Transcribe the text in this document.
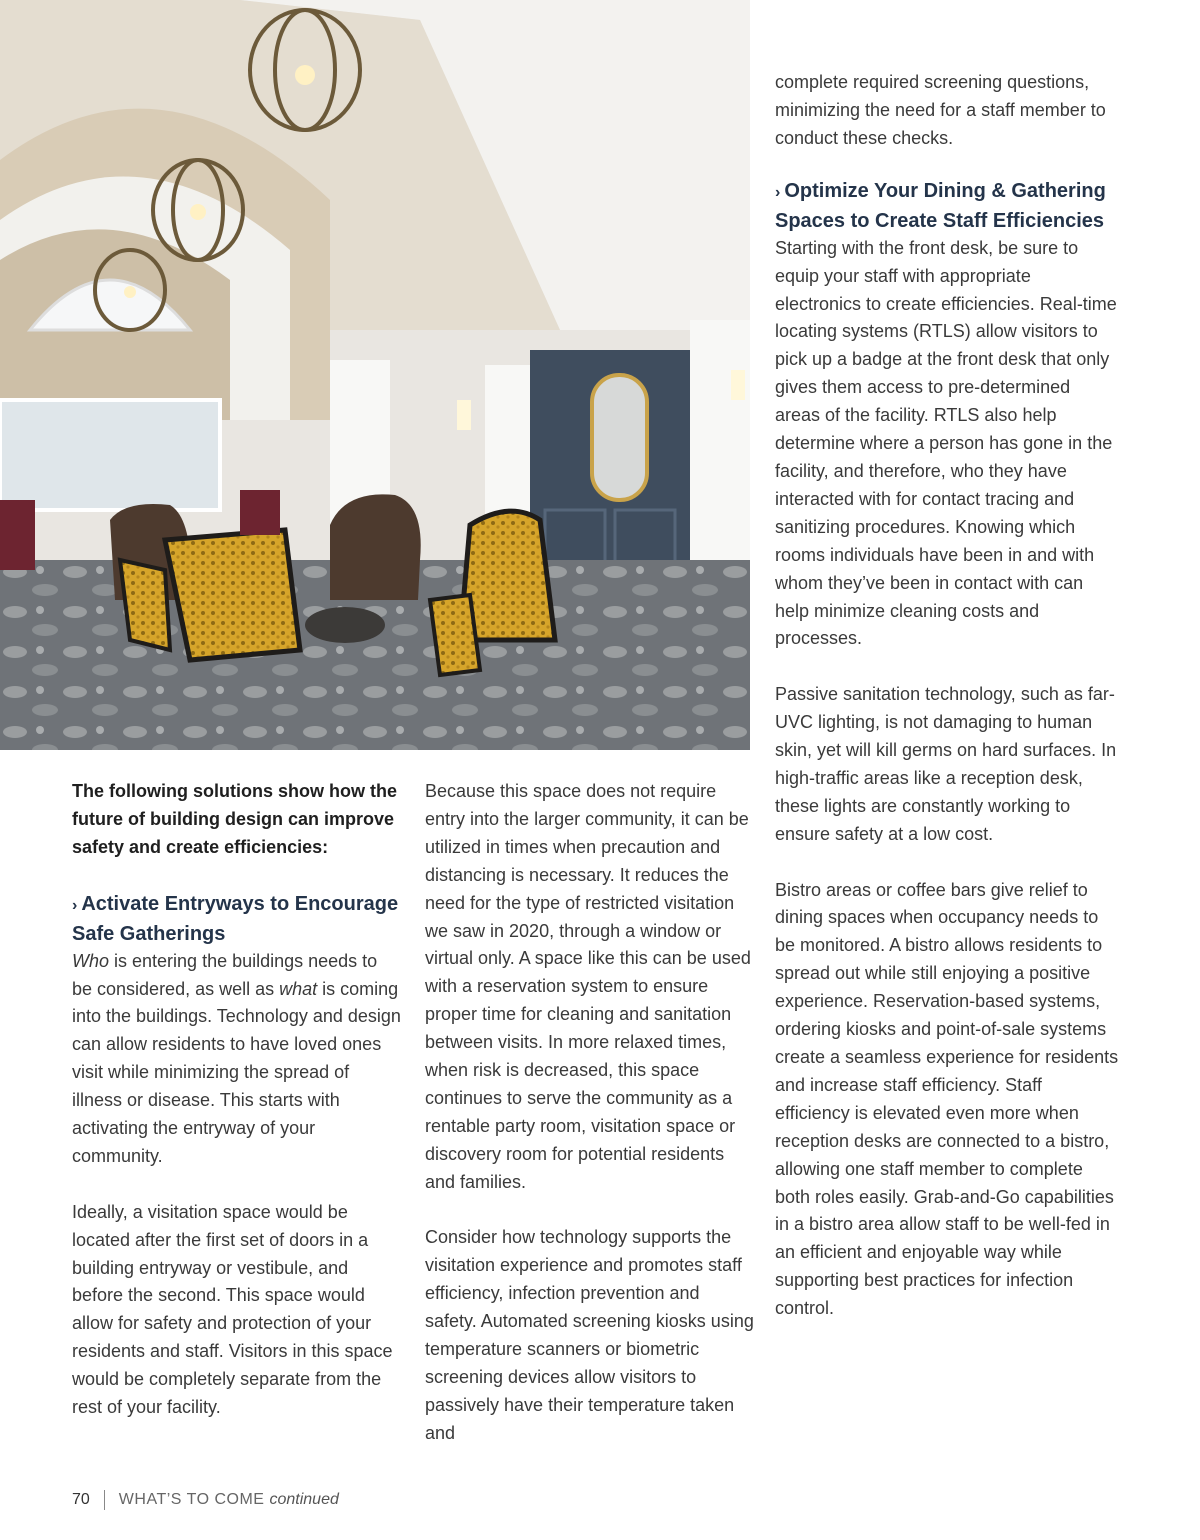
The following solutions show how the future of building design can improve safety and create efficiencies:

› Activate Entryways to Encourage Safe Gatherings

Who is entering the buildings needs to be considered, as well as what is coming into the buildings. Technology and design can allow residents to have loved ones visit while minimizing the spread of illness or disease. This starts with activating the entryway of your community.

Ideally, a visitation space would be located after the first set of doors in a building entryway or vestibule, and before the second. This space would allow for safety and protection of your residents and staff. Visitors in this space would be completely separate from the rest of your facility.

Because this space does not require entry into the larger community, it can be utilized in times when precaution and distancing is necessary. It reduces the need for the type of restricted visitation we saw in 2020, through a window or virtual only. A space like this can be used with a reservation system to ensure proper time for cleaning and sanitation between visits. In more relaxed times, when risk is decreased, this space continues to serve the community as a rentable party room, visitation space or discovery room for potential residents and families.

Consider how technology supports the visitation experience and promotes staff efficiency, infection prevention and safety. Automated screening kiosks using temperature scanners or biometric screening devices allow visitors to passively have their temperature taken and

complete required screening questions, minimizing the need for a staff member to conduct these checks.

› Optimize Your Dining & Gathering Spaces to Create Staff Efficiencies

Starting with the front desk, be sure to equip your staff with appropriate electronics to create efficiencies. Real-time locating systems (RTLS) allow visitors to pick up a badge at the front desk that only gives them access to pre-determined areas of the facility. RTLS also help determine where a person has gone in the facility, and therefore, who they have interacted with for contact tracing and sanitizing procedures. Knowing which rooms individuals have been in and with whom they’ve been in contact with can help minimize cleaning costs and processes.

Passive sanitation technology, such as far-UVC lighting, is not damaging to human skin, yet will kill germs on hard surfaces. In high-traffic areas like a reception desk, these lights are constantly working to ensure safety at a low cost.

Bistro areas or coffee bars give relief to dining spaces when occupancy needs to be monitored. A bistro allows residents to spread out while still enjoying a positive experience. Reservation-based systems, ordering kiosks and point-of-sale systems create a seamless experience for residents and increase staff efficiency. Staff efficiency is elevated even more when reception desks are connected to a bistro, allowing one staff member to complete both roles easily. Grab-and-Go capabilities in a bistro area allow staff to be well-fed in an efficient and enjoyable way while supporting best practices for infection control.

70 WHAT’S TO COME continued
